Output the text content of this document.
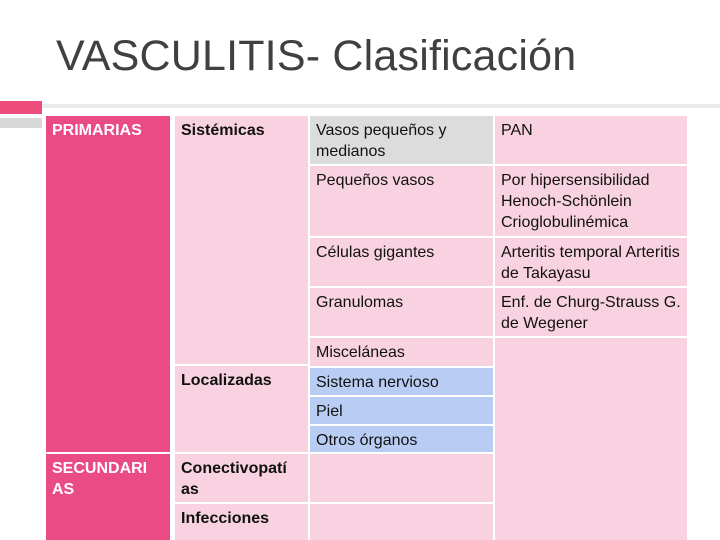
VASCULITIS- Clasificación
PRIMARIAS
SECUNDARI AS
Sistémicas
Localizadas
Conectivopatí as
Infecciones
Vasos pequeños y medianos
Pequeños vasos
Células gigantes
Granulomas
Misceláneas
Sistema nervioso
Piel
Otros órganos
PAN
Por hipersensibilidad Henoch-Schönlein Crioglobulinémica
Arteritis temporal Arteritis de Takayasu
Enf. de Churg-Strauss G. de Wegener
